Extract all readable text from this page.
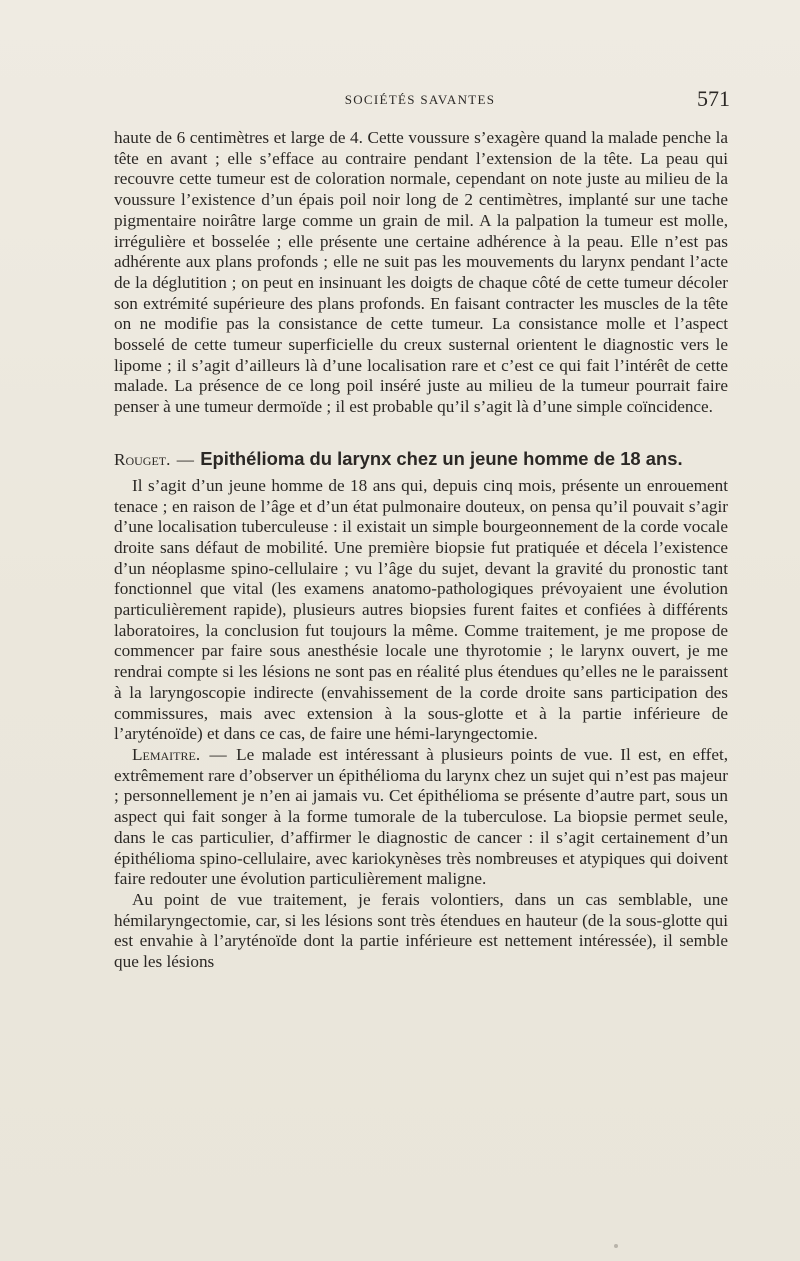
SOCIÉTÉS SAVANTES	571

haute de 6 centimètres et large de 4. Cette voussure s’exagère quand la malade penche la tête en avant ; elle s’efface au contraire pendant l’extension de la tête. La peau qui recouvre cette tumeur est de coloration normale, cependant on note juste au milieu de la voussure l’existence d’un épais poil noir long de 2 centimètres, implanté sur une tache pigmentaire noirâtre large comme un grain de mil. A la palpation la tumeur est molle, irrégulière et bosselée ; elle présente une certaine adhérence à la peau. Elle n’est pas adhérente aux plans profonds ; elle ne suit pas les mouvements du larynx pendant l’acte de la déglutition ; on peut en insinuant les doigts de chaque côté de cette tumeur décoler son extrémité supérieure des plans profonds. En faisant contracter les muscles de la tête on ne modifie pas la consistance de cette tumeur. La consistance molle et l’aspect bosselé de cette tumeur superficielle du creux susternal orientent le diagnostic vers le lipome ; il s’agit d’ailleurs là d’une localisation rare et c’est ce qui fait l’intérêt de cette malade. La présence de ce long poil inséré juste au milieu de la tumeur pourrait faire penser à une tumeur dermoïde ; il est probable qu’il s’agit là d’une simple coïncidence.

Rouget. — Epithélioma du larynx chez un jeune homme de 18 ans.

Il s’agit d’un jeune homme de 18 ans qui, depuis cinq mois, présente un enrouement tenace ; en raison de l’âge et d’un état pulmonaire douteux, on pensa qu’il pouvait s’agir d’une localisation tuberculeuse : il existait un simple bourgeonnement de la corde vocale droite sans défaut de mobilité. Une première biopsie fut pratiquée et décela l’existence d’un néoplasme spino-cellulaire ; vu l’âge du sujet, devant la gravité du pronostic tant fonctionnel que vital (les examens anatomo-pathologiques prévoyaient une évolution particulièrement rapide), plusieurs autres biopsies furent faites et confiées à différents laboratoires, la conclusion fut toujours la même. Comme traitement, je me propose de commencer par faire sous anesthésie locale une thyrotomie ; le larynx ouvert, je me rendrai compte si les lésions ne sont pas en réalité plus étendues qu’elles ne le paraissent à la laryngoscopie indirecte (envahissement de la corde droite sans participation des commissures, mais avec extension à la sous-glotte et à la partie inférieure de l’aryténoïde) et dans ce cas, de faire une hémi-laryngectomie.

Lemaitre. — Le malade est intéressant à plusieurs points de vue. Il est, en effet, extrêmement rare d’observer un épithélioma du larynx chez un sujet qui n’est pas majeur ; personnellement je n’en ai jamais vu. Cet épithélioma se présente d’autre part, sous un aspect qui fait songer à la forme tumorale de la tuberculose. La biopsie permet seule, dans le cas particulier, d’affirmer le diagnostic de cancer : il s’agit certainement d’un épithélioma spino-cellulaire, avec kariokynèses très nombreuses et atypiques qui doivent faire redouter une évolution particulièrement maligne.

Au point de vue traitement, je ferais volontiers, dans un cas semblable, une hémilaryngectomie, car, si les lésions sont très étendues en hauteur (de la sous-glotte qui est envahie à l’aryténoïde dont la partie inférieure est nettement intéressée), il semble que les lésions
